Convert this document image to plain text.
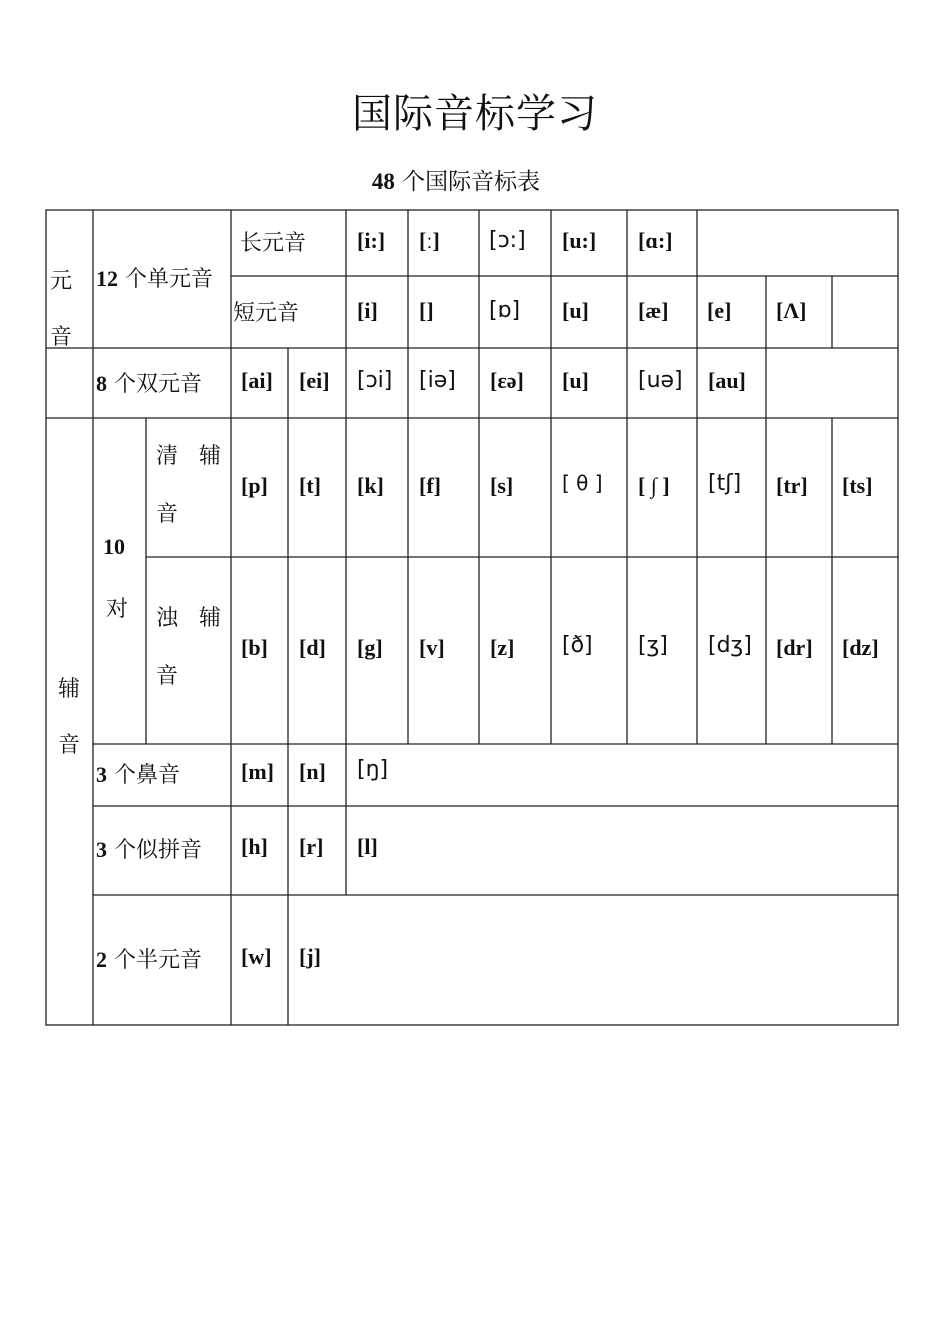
国际音标学习
48 个国际音标表
元
音
12 个单元音
长元音
短元音
[i:] [ː] [ɔ:] [u:] [ɑ:]
[i] []	[ɒ] [u] [æ] [e] [Λ]
8 个双元音 [ai] [ei] [ɔi] [iə] [εə] [u] [uə] [au]
辅
音
10
对
清 辅
音
浊 辅
音
[p] [t] [k] [f] [s] [ θ ] [ ∫ ] [tʃ] [tr] [ts]
[b] [d] [g] [v] [z] [ð] [ʒ] [dʒ] [dr] [dz]
3 个鼻音	[m] [n] [ŋ]
3 个似拼音 [h] [r] [l]
2 个半元音 [w] [j]
